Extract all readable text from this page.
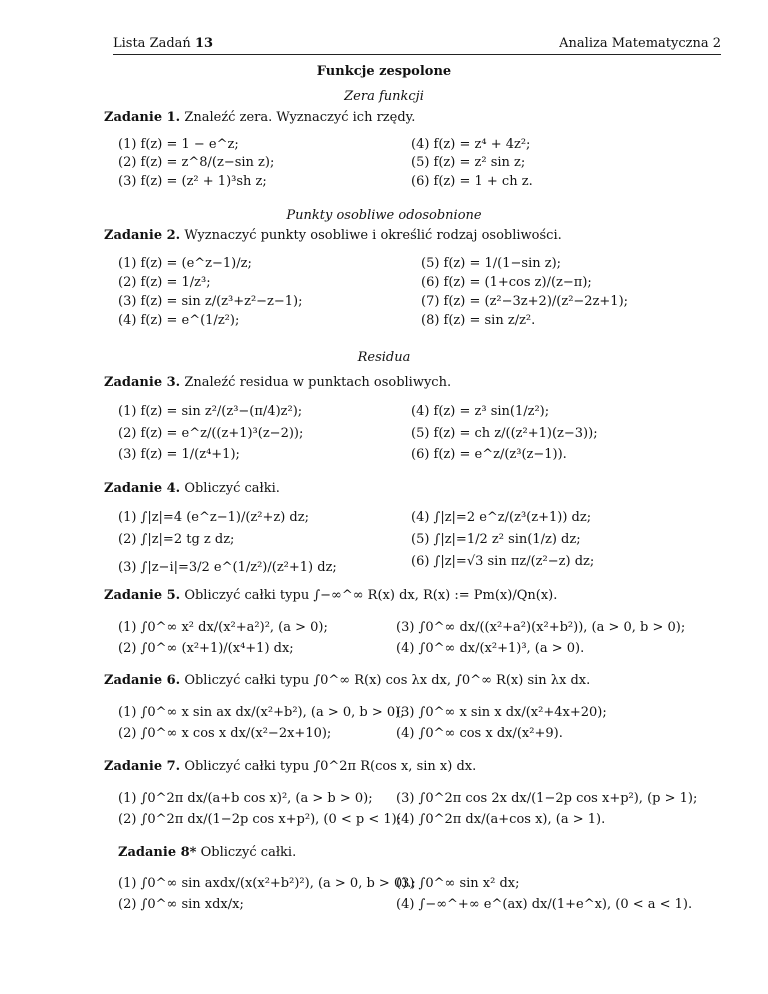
Lista Zadań 13	Analiza Matematyczna 2
Funkcje zespolone
Zera funkcji
Zadanie 1. Znaleźć zera. Wyznaczyć ich rzędy.
(1) f(z) = 1 − e^z;
(2) f(z) = z^8/(z−sin z);
(3) f(z) = (z² + 1)³sh z;
(4) f(z) = z⁴ + 4z²;
(5) f(z) = z² sin z;
(6) f(z) = 1 + ch z.
Punkty osobliwe odosobnione
Zadanie 2. Wyznaczyć punkty osobliwe i określić rodzaj osobliwości.
(1) f(z) = (e^z−1)/z;
(2) f(z) = 1/z³;
(3) f(z) = sin z/(z³+z²−z−1);
(4) f(z) = e^(1/z²);
(5) f(z) = 1/(1−sin z);
(6) f(z) = (1+cos z)/(z−π);
(7) f(z) = (z²−3z+2)/(z²−2z+1);
(8) f(z) = sin z/z².
Residua
Zadanie 3. Znaleźć residua w punktach osobliwych.
(1) f(z) = sin z²/(z³−(π/4)z²);
(2) f(z) = e^z/((z+1)³(z−2));
(3) f(z) = 1/(z⁴+1);
(4) f(z) = z³ sin(1/z²);
(5) f(z) = ch z/((z²+1)(z−3));
(6) f(z) = e^z/(z³(z−1)).
Zadanie 4. Obliczyć całki.
(1) ∫|z|=4 (e^z−1)/(z²+z) dz;
(2) ∫|z|=2 tg z dz;
(3) ∫|z−i|=3/2 e^(1/z²)/(z²+1) dz;
(4) ∫|z|=2 e^z/(z³(z+1)) dz;
(5) ∫|z|=1/2 z² sin(1/z) dz;
(6) ∫|z|=√3 sin πz/(z²−z) dz;
Zadanie 5. Obliczyć całki typu ∫−∞^∞ R(x) dx, R(x) := Pm(x)/Qn(x).
(1) ∫0^∞ x² dx/(x²+a²)², (a > 0);
(2) ∫0^∞ (x²+1)/(x⁴+1) dx;
(3) ∫0^∞ dx/((x²+a²)(x²+b²)), (a > 0, b > 0);
(4) ∫0^∞ dx/(x²+1)³, (a > 0).
Zadanie 6. Obliczyć całki typu ∫0^∞ R(x) cos λx dx, ∫0^∞ R(x) sin λx dx.
(1) ∫0^∞ x sin ax dx/(x²+b²), (a > 0, b > 0);
(2) ∫0^∞ x cos x dx/(x²−2x+10);
(3) ∫0^∞ x sin x dx/(x²+4x+20);
(4) ∫0^∞ cos x dx/(x²+9).
Zadanie 7. Obliczyć całki typu ∫0^2π R(cos x, sin x) dx.
(1) ∫0^2π dx/(a+b cos x)², (a > b > 0);
(2) ∫0^2π dx/(1−2p cos x+p²), (0 < p < 1);
(3) ∫0^2π cos 2x dx/(1−2p cos x+p²), (p > 1);
(4) ∫0^2π dx/(a+cos x), (a > 1).
Zadanie 8* Obliczyć całki.
(1) ∫0^∞ sin axdx/(x(x²+b²)²), (a > 0, b > 0).;
(2) ∫0^∞ sin xdx/x;
(3) ∫0^∞ sin x² dx;
(4) ∫−∞^+∞ e^(ax) dx/(1+e^x), (0 < a < 1).
